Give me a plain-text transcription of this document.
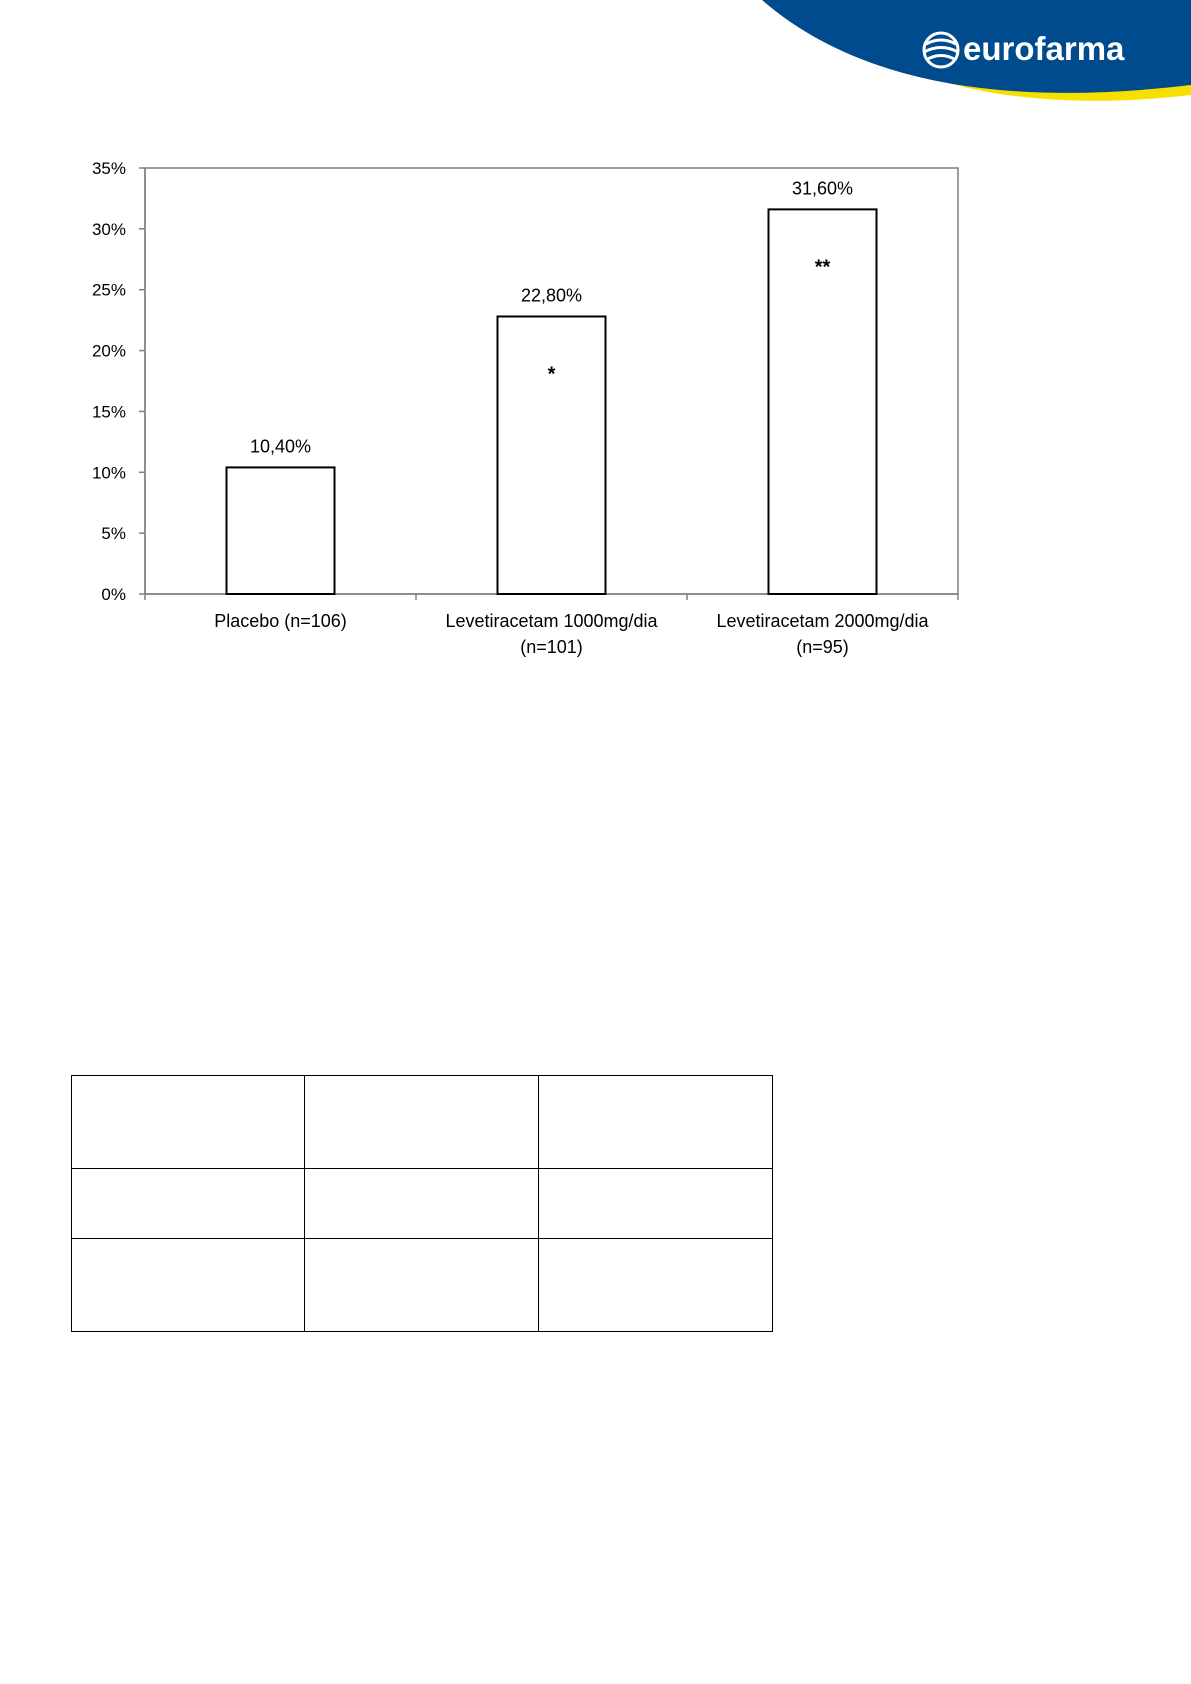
eurofarma
0%
5%
10%
15%
20%
25%
30%
35%
10,40%
22,80%
*
31,60%
**
Placebo (n=106)	Levetiracetam 1000mg/dia
(n=101)
Levetiracetam 2000mg/dia
(n=95)
